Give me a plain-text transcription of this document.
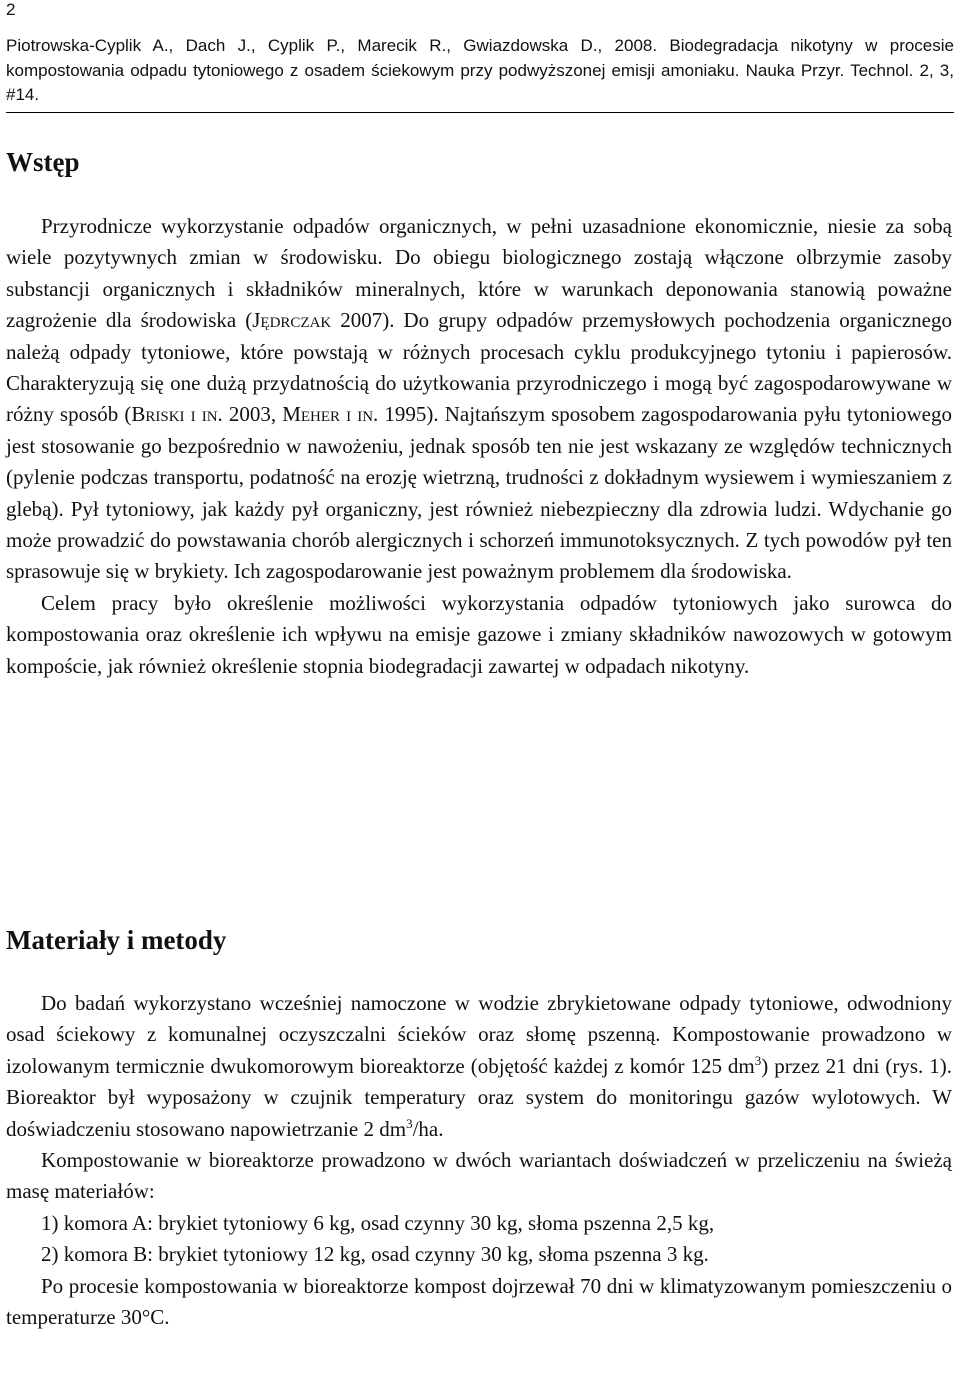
2
Piotrowska-Cyplik A., Dach J., Cyplik P., Marecik R., Gwiazdowska D., 2008. Biodegradacja nikotyny w procesie kompostowania odpadu tytoniowego z osadem ściekowym przy podwyższonej emisji amoniaku. Nauka Przyr. Technol. 2, 3, #14.
Wstęp

Przyrodnicze wykorzystanie odpadów organicznych, w pełni uzasadnione ekonomicznie, niesie za sobą wiele pozytywnych zmian w środowisku. Do obiegu biologicznego zostają włączone olbrzymie zasoby substancji organicznych i składników mineralnych, które w warunkach deponowania stanowią poważne zagrożenie dla środowiska (Jędrczak 2007). Do grupy odpadów przemysłowych pochodzenia organicznego należą odpady tytoniowe, które powstają w różnych procesach cyklu produkcyjnego tytoniu i papierosów. Charakteryzują się one dużą przydatnością do użytkowania przyrodniczego i mogą być zagospodarowywane w różny sposób (Briski i in. 2003, Meher i in. 1995). Najtańszym sposobem zagospodarowania pyłu tytoniowego jest stosowanie go bezpośrednio w nawożeniu, jednak sposób ten nie jest wskazany ze względów technicznych (pylenie podczas transportu, podatność na erozję wietrzną, trudności z dokładnym wysiewem i wymieszaniem z glebą). Pył tytoniowy, jak każdy pył organiczny, jest również niebezpieczny dla zdrowia ludzi. Wdychanie go może prowadzić do powstawania chorób alergicznych i schorzeń immunotoksycznych. Z tych powodów pył ten sprasowuje się w brykiety. Ich zagospodarowanie jest poważnym problemem dla środowiska.

Celem pracy było określenie możliwości wykorzystania odpadów tytoniowych jako surowca do kompostowania oraz określenie ich wpływu na emisje gazowe i zmiany składników nawozowych w gotowym kompoście, jak również określenie stopnia biodegradacji zawartej w odpadach nikotyny.

Materiały i metody

Do badań wykorzystano wcześniej namoczone w wodzie zbrykietowane odpady tytoniowe, odwodniony osad ściekowy z komunalnej oczyszczalni ścieków oraz słomę pszenną. Kompostowanie prowadzono w izolowanym termicznie dwukomorowym bioreaktorze (objętość każdej z komór 125 $dm^3$) przez 21 dni (rys. 1). Bioreaktor był wyposażony w czujnik temperatury oraz system do monitoringu gazów wylotowych. W doświadczeniu stosowano napowietrzanie 2 $dm^3/ha$.

Kompostowanie w bioreaktorze prowadzono w dwóch wariantach doświadczeń w przeliczeniu na świeżą masę materiałów:

1) komora A: brykiet tytoniowy 6 kg, osad czynny 30 kg, słoma pszenna 2,5 kg,

2) komora B: brykiet tytoniowy 12 kg, osad czynny 30 kg, słoma pszenna 3 kg.

Po procesie kompostowania w bioreaktorze kompost dojrzewał 70 dni w klimatyzowanym pomieszczeniu o temperaturze 30°C.
